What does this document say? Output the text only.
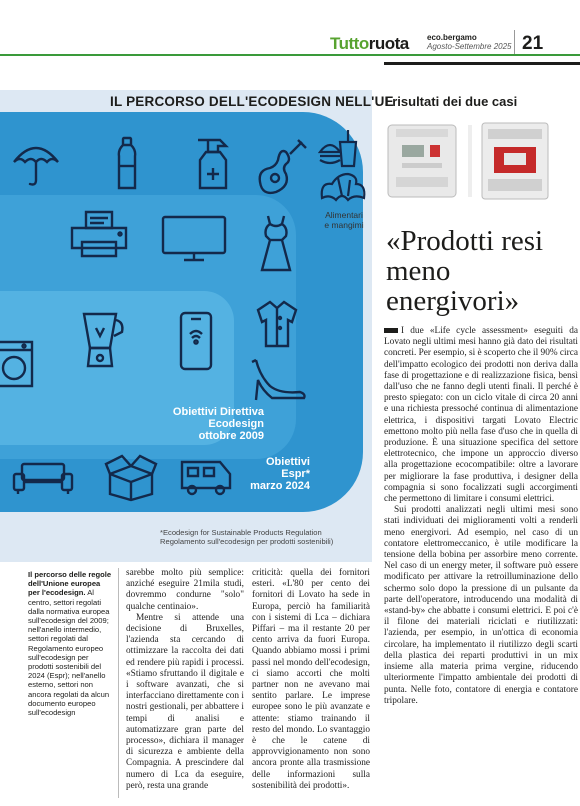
Tuttoruota eco.bergamo
Agosto-Settembre 2025 21
IL PERCORSO DELL'ECODESIGN NELL'UE
Alimentari
e mangimi
Obiettivi Direttiva
Ecodesign
ottobre 2009
Obiettivi
Espr*
marzo 2024
*Ecodesign for Sustainable Products Regulation Regolamento sull'ecodesign per prodotti sostenibili)
Il percorso delle regole dell'Unione europea per l'ecodesign. Al centro, settori regolati dalla normativa europea sull'ecodesign del 2009; nell'anello intermedio, settori regolati dal Regolamento europeo sull'ecodesign per prodotti sostenibili del 2024 (Espr); nell'anello esterno, settori non ancora regolati da alcun documento europeo sull'ecodesign

sarebbe molto più semplice: anziché eseguire 21mila studi, dovremmo condurne "solo" qualche centinaio».

Mentre si attende una decisione di Bruxelles, l'azienda sta cercando di ottimizzare la raccolta dei dati ed rendere più rapidi i processi. «Stiamo sfruttando il digitale e i software avanzati, che si interfacciano direttamente con i nostri gestionali, per abbattere i tempi di analisi e automatizzare gran parte del processo», dichiara il manager di sicurezza e ambiente della Compagnia. A prescindere dal numero di Lca da eseguire, però, resta una grande

criticità: quella dei fornitori esteri. «L'80 per cento dei fornitori di Lovato ha sede in Europa, perciò ha familiarità con i sistemi di Lca – dichiara Piffari – ma il restante 20 per cento arriva da fuori Europa. Quando abbiamo mossi i primi passi nel mondo dell'ecodesign, ci siamo accorti che molti partner non ne avevano mai sentito parlare. Le imprese europee sono le più avanzate e attente: stiamo trainando il resto del mondo. Lo svantaggio è che le catene di approvvigionamento non sono ancora pronte alla trasmissione delle informazioni sulla sostenibilità dei prodotti».

I risultati dei due casi
«Prodotti resi meno energivori»

I due «Life cycle assessment» eseguiti da Lovato negli ultimi mesi hanno già dato dei risultati concreti. Per esempio, si è scoperto che il 90% circa dell'impatto ecologico dei prodotti non deriva dalla fase di progettazione e di realizzazione fisica, bensì dall'uso che ne fanno degli utenti finali. Il perché è presto spiegato: con un ciclo vitale di circa 20 anni e una richiesta pressoché continua di alimentazione elettrica, i dispositivi targati Lovato Electric emettono molto più nella fase d'uso che in quella di produzione. È una situazione specifica del settore elettrotecnico, che impone un approccio diverso alla progettazione ecocompatibile: oltre a lavorare per migliorare la fase produttiva, i designer della compagnia si sono focalizzati sugli accorgimenti che permettono di limitare i consumi elettrici.

Sui prodotti analizzati negli ultimi mesi sono stati individuati dei miglioramenti volti a renderli meno energivori. Ad esempio, nel caso di un contatore elettromeccanico, è utile modificare la tensione della bobina per assorbire meno corrente. Nel caso di un energy meter, il software può essere modificato per attivare la retroilluminazione dello schermo solo dopo la pressione di un pulsante da parte dell'operatore, introducendo una modalità di «stand-by» che abbatte i consumi elettrici. E poi c'è il filone dei materiali riciclati e riutilizzati: l'azienda, per esempio, in un'ottica di economia circolare, ha implementato il riutilizzo degli scarti della plastica dei reparti produttivi in un mix insieme alla materia prima vergine, riducendo ulteriormente l'impatto ambientale dei prodotti di punta. Nelle foto, contatore di energia e contatore tripolare.
